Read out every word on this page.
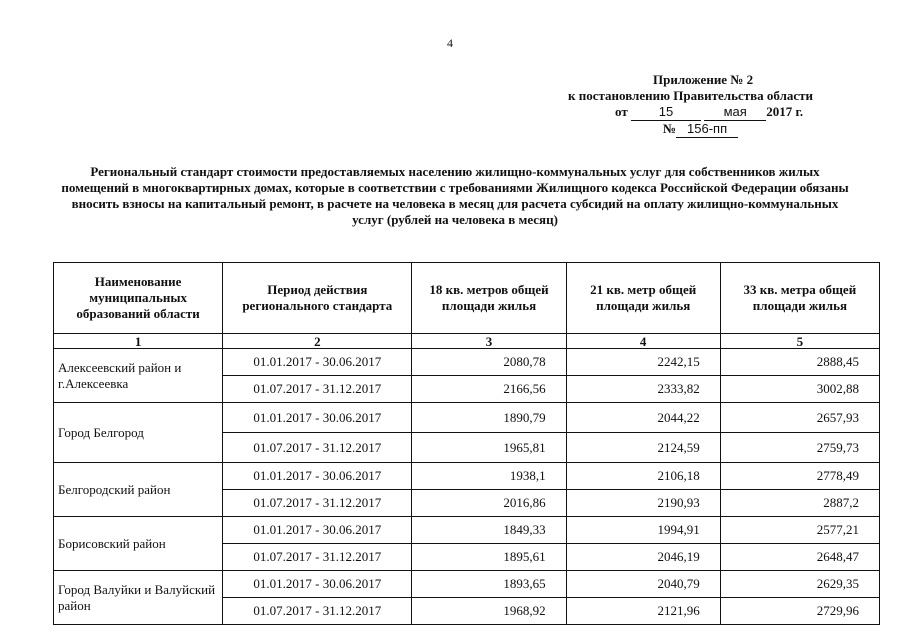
4
Приложение № 2
к постановлению Правительства области
от 15	мая 2017 г.
№ 156-пп
Региональный стандарт стоимости предоставляемых населению жилищно-коммунальных услуг для собственников жилых помещений в многоквартирных домах, которые в соответствии с требованиями Жилищного кодекса Российской Федерации обязаны вносить взносы на капитальный ремонт, в расчете на человека в месяц для расчета субсидий на оплату жилищно-коммунальных услуг (рублей на человека в месяц)
Наименование муниципальных образований области	Период действия регионального стандарта	18 кв. метров общей площади жилья	21 кв. метр общей площади жилья	33 кв. метра общей площади жилья
1	2	3	4	5
Алексеевский район и г.Алексеевка	01.01.2017 - 30.06.2017	2080,78	2242,15	2888,45
	01.07.2017 - 31.12.2017	2166,56	2333,82	3002,88
Город Белгород	01.01.2017 - 30.06.2017	1890,79	2044,22	2657,93
	01.07.2017 - 31.12.2017	1965,81	2124,59	2759,73
Белгородский район	01.01.2017 - 30.06.2017	1938,1	2106,18	2778,49
	01.07.2017 - 31.12.2017	2016,86	2190,93	2887,2
Борисовский район	01.01.2017 - 30.06.2017	1849,33	1994,91	2577,21
	01.07.2017 - 31.12.2017	1895,61	2046,19	2648,47
Город Валуйки и Валуйский район	01.01.2017 - 30.06.2017	1893,65	2040,79	2629,35
	01.07.2017 - 31.12.2017	1968,92	2121,96	2729,96
